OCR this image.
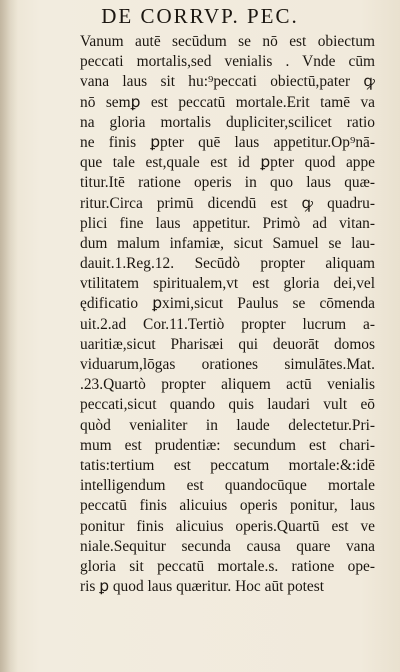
DE CORRVP. PEC.
Vanum autē secūdum se nō est obiectum
peccati mortalis,sed venialis . Vnde cūm
vana laus sit hu:⁹peccati obiectū,pater ꝙ
nō semꝑ est peccatū mortale.Erit tamē va
na gloria mortalis dupliciter,scilicet ratio
ne finis ꝑpter quē laus appetitur.Op⁹nā-
que tale est,quale est id ꝑpter quod appe
titur.Itē ratione operis in quo laus quæ-
ritur.Circa primū dicendū est ꝙ quadru-
plici fine laus appetitur. Primò ad vitan-
dum malum infamiæ, sicut Samuel se lau-
dauit.1.Reg.12. Secūdò propter aliquam
vtilitatem spiritualem,vt est gloria dei,vel
ędificatio ꝑximi,sicut Paulus se cōmenda
uit.2.ad Cor.11.Tertiò propter lucrum a-
uaritiæ,sicut Pharisæi qui deuorāt domos
viduarum,lōgas orationes simulātes.Mat.
.23.Quartò propter aliquem actū venialis
peccati,sicut quando quis laudari vult eō
quòd venialiter in laude delectetur.Pri-
mum est prudentiæ: secundum est chari-
tatis:tertium est peccatum mortale:&:idē
intelligendum est quandocūque mortale
peccatū finis alicuius operis ponitur, laus
ponitur finis alicuius operis.Quartū est ve
niale.Sequitur secunda causa quare vana
gloria sit peccatū mortale.s. ratione ope-
ris ꝑ quod laus quæritur. Hoc aūt potest
